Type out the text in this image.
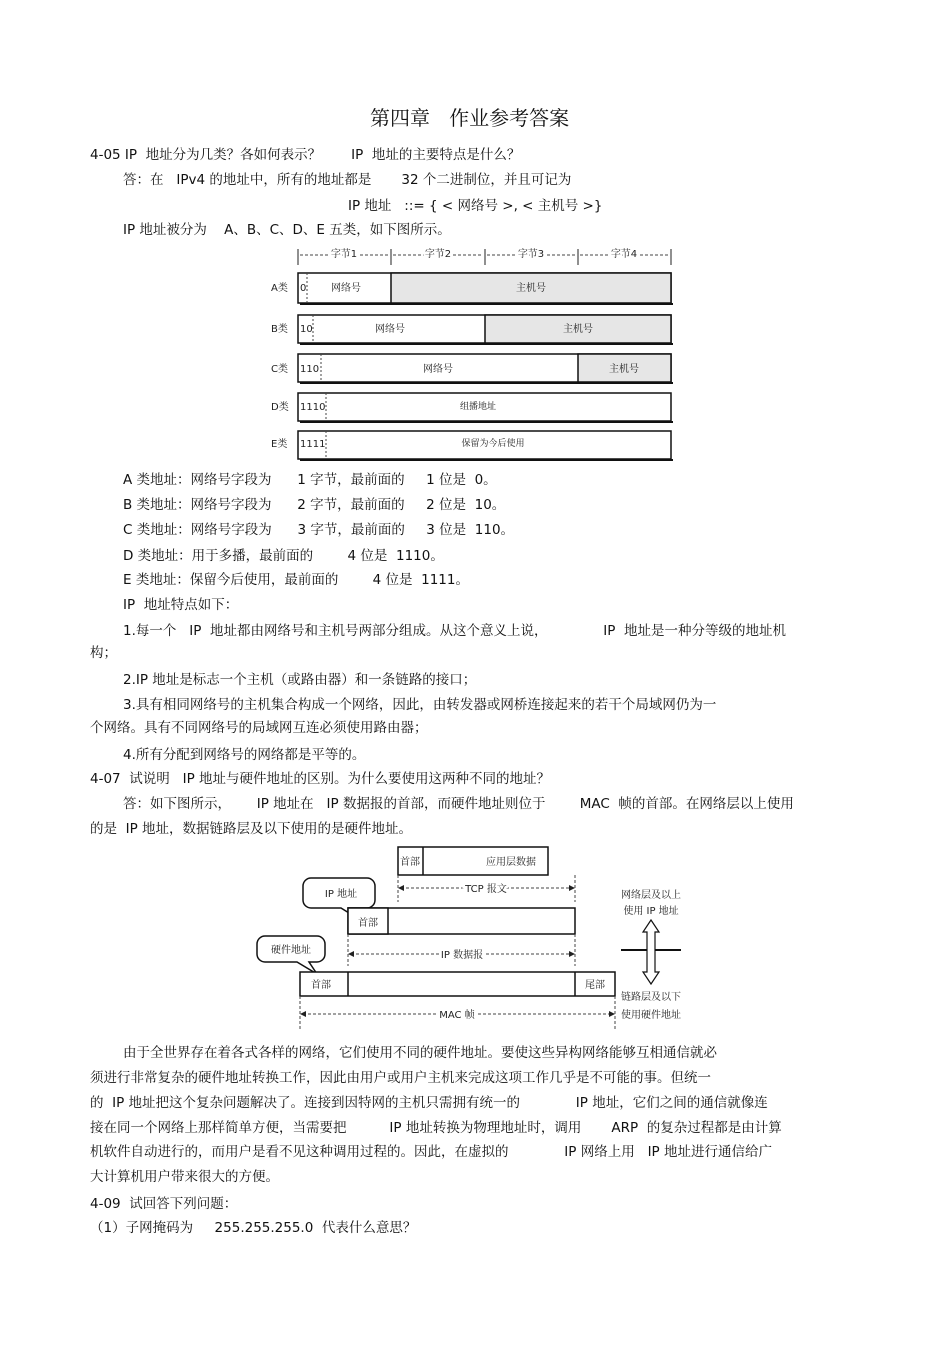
第四章   作业参考答案
4-05 IP  地址分为几类？各如何表示？       IP  地址的主要特点是什么？
答：在   IPv4 的地址中，所有的地址都是       32 个二进制位，并且可记为
IP 地址   ::= { < 网络号 >, < 主机号 >}
IP 地址被分为    A、B、C、D、E 五类，如下图所示。
字节1	字节2	字节3	字节4
A类 0 网络号	主机号
B类 10	网络号	主机号
C类 110	网络号	主机号
D类 1110	组播地址
E类 1111	保留为今后使用
A 类地址：网络号字段为      1 字节，最前面的     1 位是  0。
B 类地址：网络号字段为      2 字节，最前面的     2 位是  10。
C 类地址：网络号字段为      3 字节，最前面的     3 位是  110。
D 类地址：用于多播，最前面的        4 位是  1110。
E 类地址：保留今后使用，最前面的        4 位是  1111。
IP  地址特点如下：
1.每一个   IP  地址都由网络号和主机号两部分组成。从这个意义上说，             IP  地址是一种分等级的地址机
构；
2.IP 地址是标志一个主机（或路由器）和一条链路的接口；
3.具有相同网络号的主机集合构成一个网络，因此，由转发器或网桥连接起来的若干个局域网仍为一
个网络。具有不同网络号的局域网互连必须使用路由器；
4.所有分配到网络号的网络都是平等的。
4-07  试说明   IP 地址与硬件地址的区别。为什么要使用这两种不同的地址？
答：如下图所示，      IP 地址在   IP 数据报的首部，而硬件地址则位于        MAC  帧的首部。在网络层以上使用
的是  IP 地址，数据链路层及以下使用的是硬件地址。
首部	应用层数据
TCP 报文
IP 地址
首部
IP 数据报
硬件地址
首部	尾部
MAC 帧
网络层及以上
使用 IP 地址
链路层及以下
使用硬件地址
由于全世界存在着各式各样的网络，它们使用不同的硬件地址。要使这些异构网络能够互相通信就必
须进行非常复杂的硬件地址转换工作，因此由用户或用户主机来完成这项工作几乎是不可能的事。但统一
的  IP 地址把这个复杂问题解决了。连接到因特网的主机只需拥有统一的             IP 地址，它们之间的通信就像连
接在同一个网络上那样简单方便，当需要把          IP 地址转换为物理地址时，调用       ARP  的复杂过程都是由计算
机软件自动进行的，而用户是看不见这种调用过程的。因此，在虚拟的             IP 网络上用   IP 地址进行通信给广
大计算机用户带来很大的方便。
4-09  试回答下列问题：
（1）子网掩码为     255.255.255.0  代表什么意思？
